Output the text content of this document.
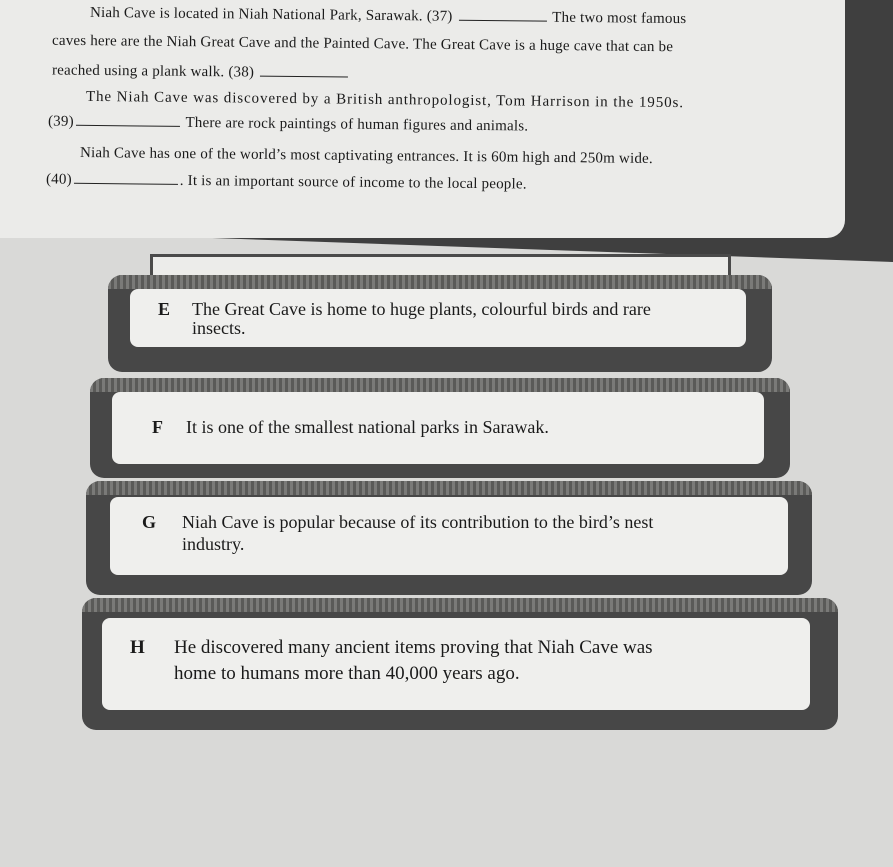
Niah Cave is located in Niah National Park, Sarawak. (37)	The two most famous

caves here are the Niah Great Cave and the Painted Cave. The Great Cave is a huge cave that can be

reached using a plank walk. (38)

The Niah Cave was discovered by a British anthropologist, Tom Harrison in the 1950s.

(39)	There are rock paintings of human figures and animals.

Niah Cave has one of the world’s most captivating entrances. It is 60m high and 250m wide.

(40)	. It is an important source of income to the local people.

E The Great Cave is home to huge plants, colourful birds and rare

insects.

F It is one of the smallest national parks in Sarawak.

G Niah Cave is popular because of its contribution to the bird’s nest

industry.

H He discovered many ancient items proving that Niah Cave was

home to humans more than 40,000 years ago.
